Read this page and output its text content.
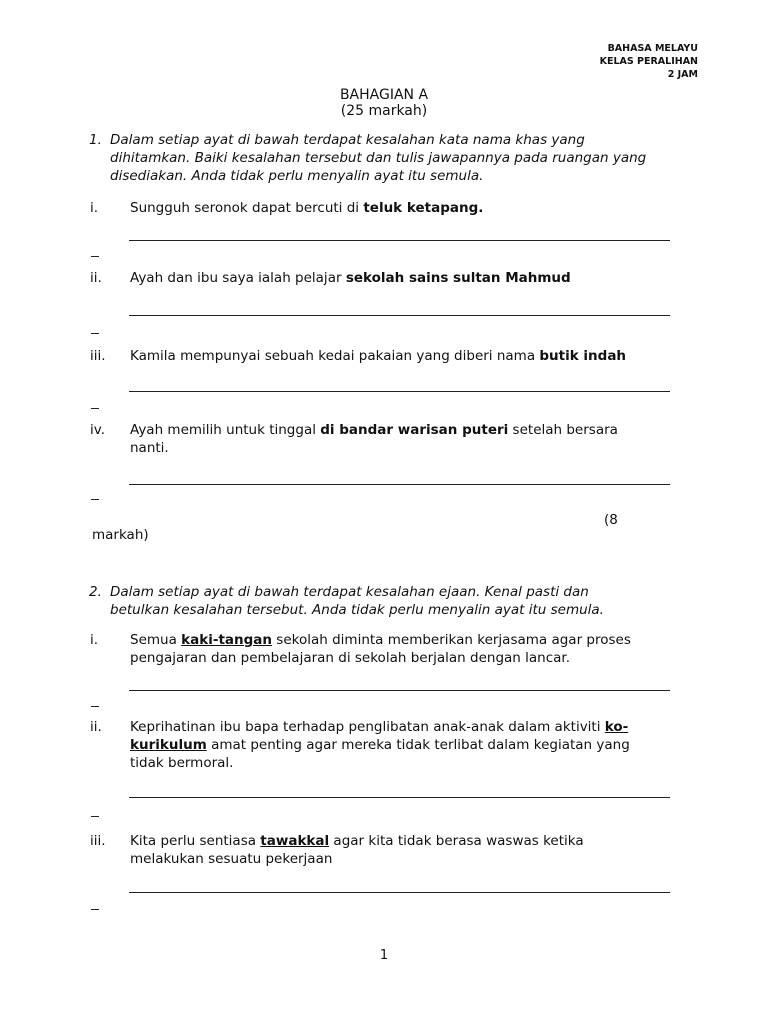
BAHASA MELAYU
KELAS PERALIHAN
2 JAM
BAHAGIAN A
(25 markah)
1. Dalam setiap ayat di bawah terdapat kesalahan kata nama khas yang dihitamkan. Baiki kesalahan tersebut dan tulis jawapannya pada ruangan yang disediakan. Anda tidak perlu menyalin ayat itu semula.
i.	Sungguh seronok dapat bercuti di teluk ketapang.
ii.	Ayah dan ibu saya ialah pelajar sekolah sains sultan Mahmud
iii.	Kamila mempunyai sebuah kedai pakaian yang diberi nama butik indah
iv.	Ayah memilih untuk tinggal di bandar warisan puteri setelah bersara nanti.
(8
markah)
2. Dalam setiap ayat di bawah terdapat kesalahan ejaan. Kenal pasti dan betulkan kesalahan tersebut. Anda tidak perlu menyalin ayat itu semula.
i.	Semua kaki-tangan sekolah diminta memberikan kerjasama agar proses pengajaran dan pembelajaran di sekolah berjalan dengan lancar.
ii.	Keprihatinan ibu bapa terhadap penglibatan anak-anak dalam aktiviti ko-kurikulum amat penting agar mereka tidak terlibat dalam kegiatan yang tidak bermoral.
iii.	Kita perlu sentiasa tawakkal agar kita tidak berasa waswas ketika melakukan sesuatu pekerjaan
1
